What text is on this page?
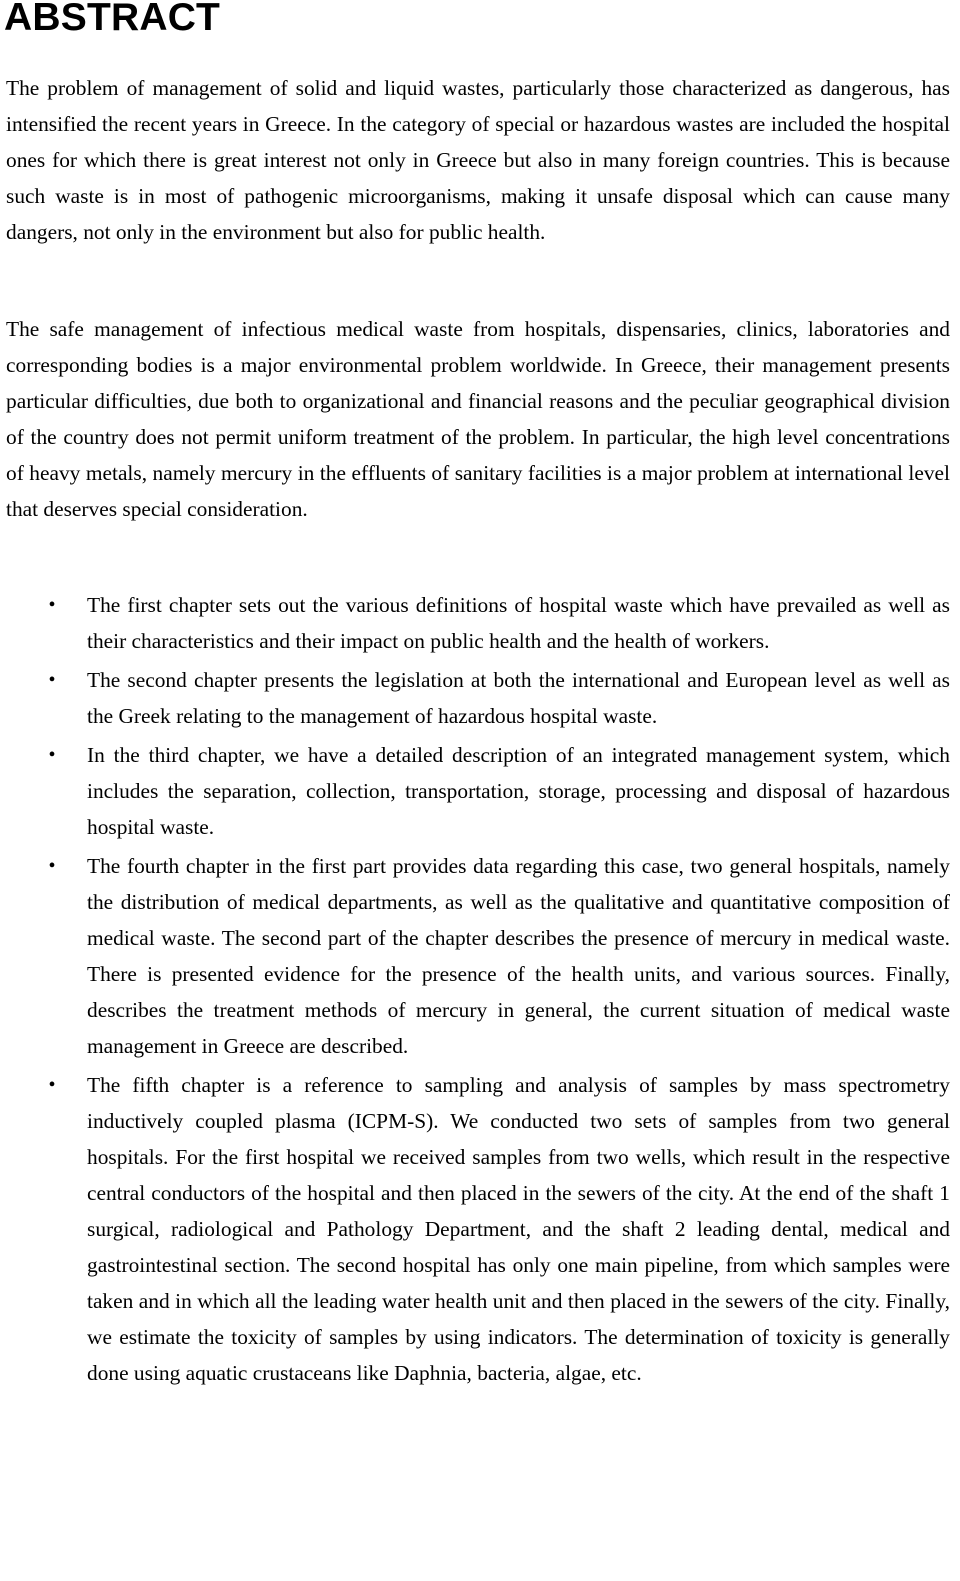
ABSTRACT

The problem of management of solid and liquid wastes, particularly those characterized as dangerous, has intensified the recent years in Greece. In the category of special or hazardous wastes are included the hospital ones for which there is great interest not only in Greece but also in many foreign countries. This is because such waste is in most of pathogenic microorganisms, making it unsafe disposal which can cause many dangers, not only in the environment but also for public health.

The safe management of infectious medical waste from hospitals, dispensaries, clinics, laboratories and corresponding bodies is a major environmental problem worldwide. In Greece, their management presents particular difficulties, due both to organizational and financial reasons and the peculiar geographical division of the country does not permit uniform treatment of the problem. In particular, the high level concentrations of heavy metals, namely mercury in the effluents of sanitary facilities is a major problem at international level that deserves special consideration.

• The first chapter sets out the various definitions of hospital waste which have prevailed as well as their characteristics and their impact on public health and the health of workers.
• The second chapter presents the legislation at both the international and European level as well as the Greek relating to the management of hazardous hospital waste.
• In the third chapter, we have a detailed description of an integrated management system, which includes the separation, collection, transportation, storage, processing and disposal of hazardous hospital waste.
• The fourth chapter in the first part provides data regarding this case, two general hospitals, namely the distribution of medical departments, as well as the qualitative and quantitative composition of medical waste. The second part of the chapter describes the presence of mercury in medical waste. There is presented evidence for the presence of the health units, and various sources. Finally, describes the treatment methods of mercury in general, the current situation of medical waste management in Greece are described.
• The fifth chapter is a reference to sampling and analysis of samples by mass spectrometry inductively coupled plasma (ICPM-S). We conducted two sets of samples from two general hospitals. For the first hospital we received samples from two wells, which result in the respective central conductors of the hospital and then placed in the sewers of the city. At the end of the shaft 1 surgical, radiological and Pathology Department, and the shaft 2 leading dental, medical and gastrointestinal section. The second hospital has only one main pipeline, from which samples were taken and in which all the leading water health unit and then placed in the sewers of the city. Finally, we estimate the toxicity of samples by using indicators. The determination of toxicity is generally done using aquatic crustaceans like Daphnia, bacteria, algae, etc.
